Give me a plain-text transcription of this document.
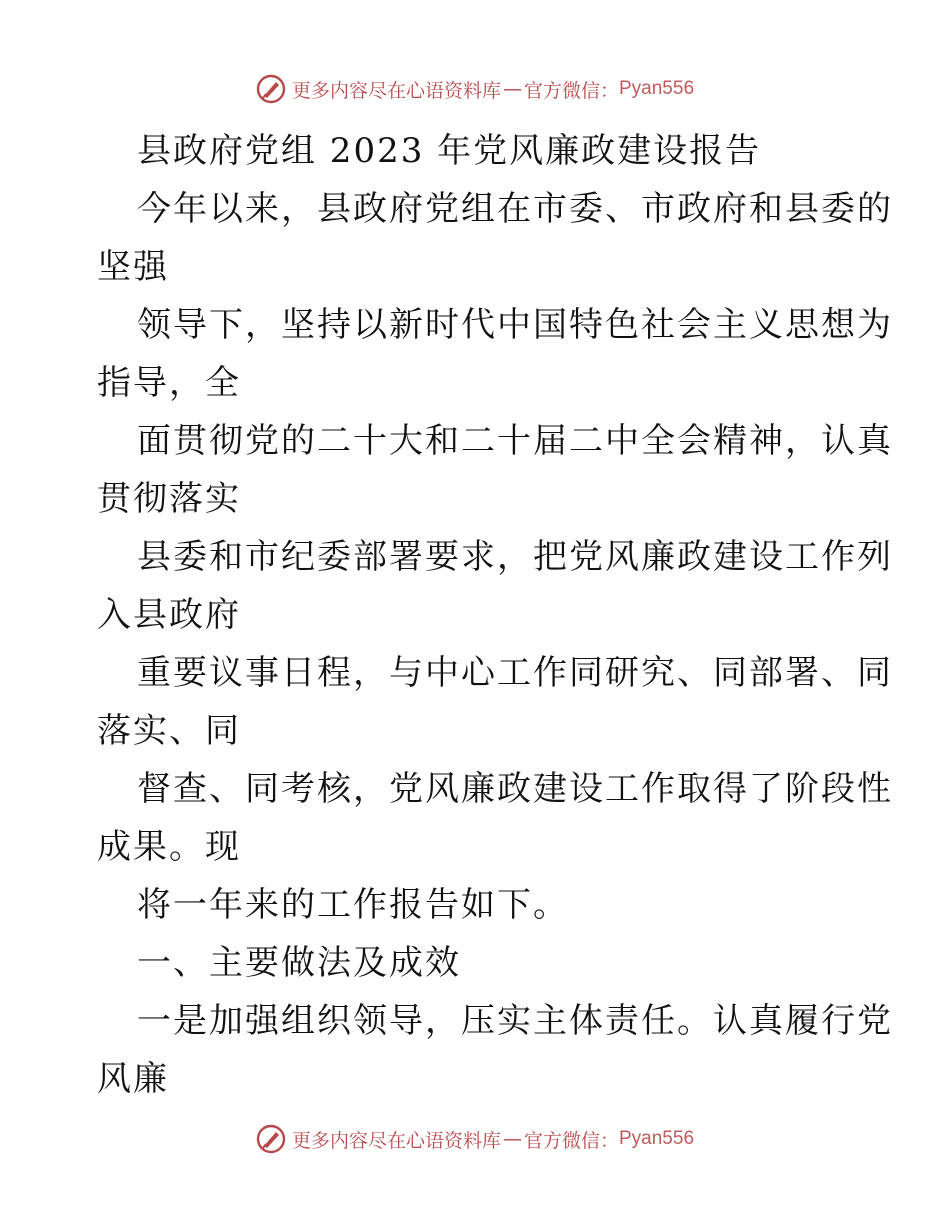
更多内容尽在心语资料库 — 官方微信： Pyan556
县政府党组 2023 年党风廉政建设报告
今年以来，县政府党组在市委、市政府和县委的
坚强
领导下，坚持以新时代中国特色社会主义思想为
指导，全
面贯彻党的二十大和二十届二中全会精神，认真
贯彻落实
县委和市纪委部署要求，把党风廉政建设工作列
入县政府
重要议事日程，与中心工作同研究、同部署、同
落实、同
督查、同考核，党风廉政建设工作取得了阶段性
成果。现
将一年来的工作报告如下。
一、主要做法及成效
一是加强组织领导，压实主体责任。认真履行党
风廉
更多内容尽在心语资料库 — 官方微信： Pyan556
